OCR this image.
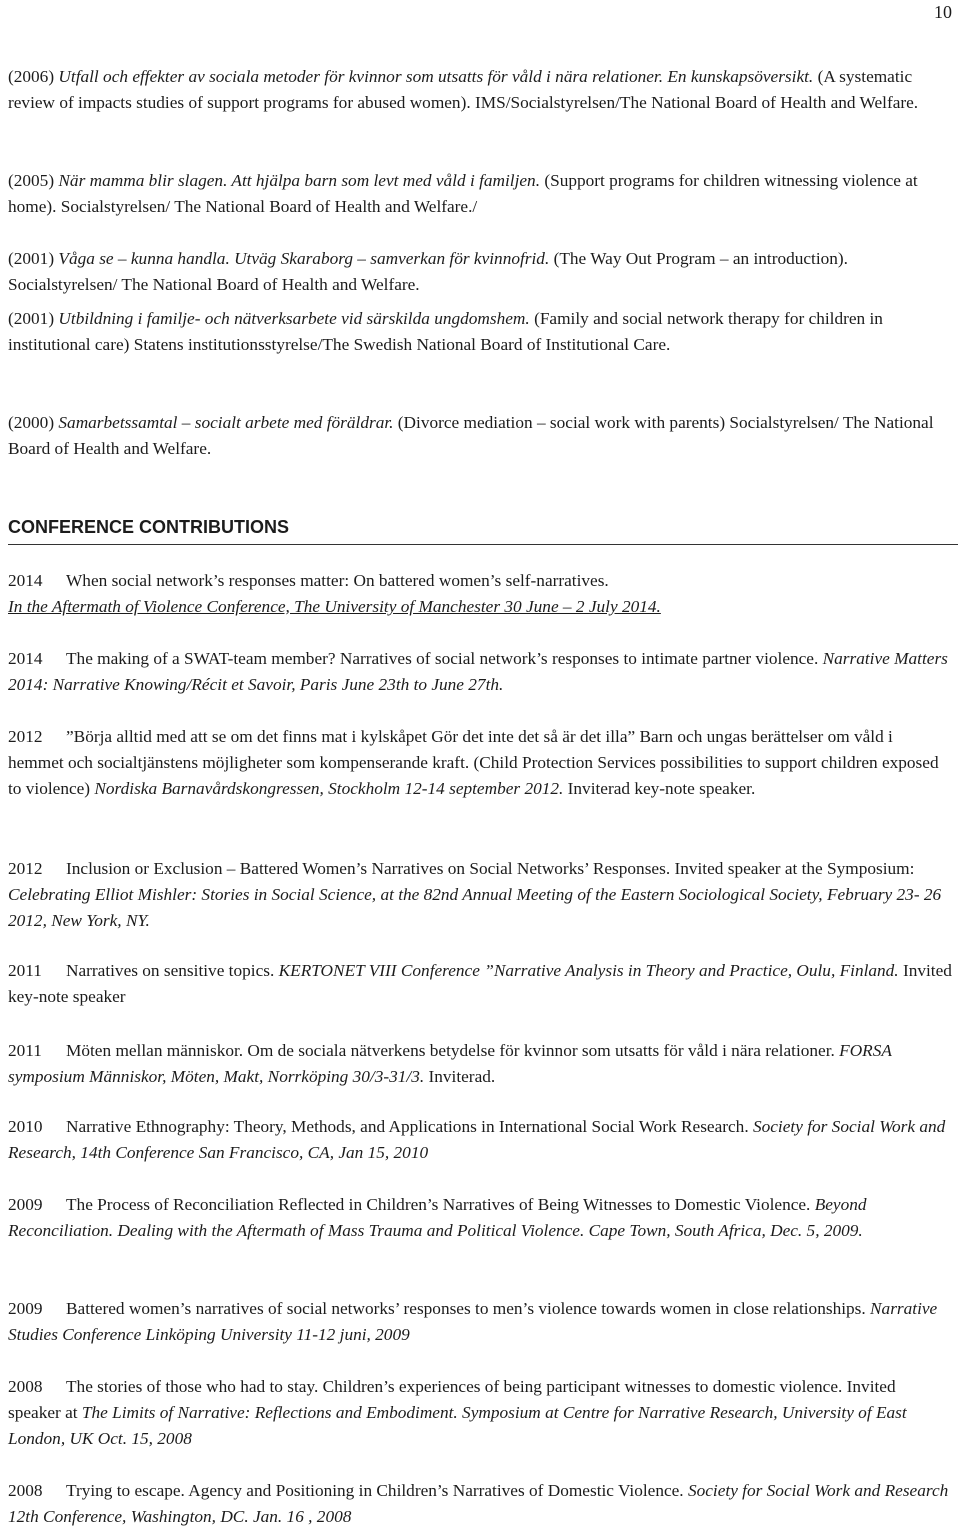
10
(2006) Utfall och effekter av sociala metoder för kvinnor som utsatts för våld i nära relationer. En kunskapsöversikt. (A systematic review of impacts studies of support programs for abused women). IMS/Socialstyrelsen/The National Board of Health and Welfare.
(2005) När mamma blir slagen. Att hjälpa barn som levt med våld i familjen. (Support programs for children witnessing violence at home). Socialstyrelsen/ The National Board of Health and Welfare./
(2001) Våga se – kunna handla. Utväg Skaraborg – samverkan för kvinnofrid. (The Way Out Program – an introduction). Socialstyrelsen/ The National Board of Health and Welfare.
(2001) Utbildning i familje- och nätverksarbete vid särskilda ungdomshem. (Family and social network therapy for children in institutional care) Statens institutionsstyrelse/The Swedish National Board of Institutional Care.
(2000) Samarbetssamtal – socialt arbete med föräldrar. (Divorce mediation – social work with parents) Socialstyrelsen/ The National Board of Health and Welfare.
CONFERENCE CONTRIBUTIONS
2014 When social network’s responses matter: On battered women’s self-narratives.
In the Aftermath of Violence Conference, The University of Manchester 30 June – 2 July 2014.
2014 The making of a SWAT-team member? Narratives of social network’s responses to intimate partner violence. Narrative Matters 2014: Narrative Knowing/Récit et Savoir, Paris June 23th to June 27th.
2012 ”Börja alltid med att se om det finns mat i kylskåpet Gör det inte det så är det illa” Barn och ungas berättelser om våld i hemmet och socialtjänstens möjligheter som kompenserande kraft. (Child Protection Services possibilities to support children exposed to violence) Nordiska Barnavårdskongressen, Stockholm 12-14 september 2012. Inviterad key-note speaker.
2012 Inclusion or Exclusion – Battered Women’s Narratives on Social Networks’ Responses. Invited speaker at the Symposium: Celebrating Elliot Mishler: Stories in Social Science, at the 82nd Annual Meeting of the Eastern Sociological Society, February 23- 26 2012, New York, NY.
2011 Narratives on sensitive topics. KERTONET VIII Conference ”Narrative Analysis in Theory and Practice, Oulu, Finland. Invited key-note speaker
2011 Möten mellan människor. Om de sociala nätverkens betydelse för kvinnor som utsatts för våld i nära relationer. FORSA symposium Människor, Möten, Makt, Norrköping 30/3-31/3. Inviterad.
2010 Narrative Ethnography: Theory, Methods, and Applications in International Social Work Research. Society for Social Work and Research, 14th Conference San Francisco, CA, Jan 15, 2010
2009 The Process of Reconciliation Reflected in Children’s Narratives of Being Witnesses to Domestic Violence. Beyond Reconciliation. Dealing with the Aftermath of Mass Trauma and Political Violence. Cape Town, South Africa, Dec. 5, 2009.
2009 Battered women’s narratives of social networks’ responses to men’s violence towards women in close relationships. Narrative Studies Conference Linköping University 11-12 juni, 2009
2008 The stories of those who had to stay. Children’s experiences of being participant witnesses to domestic violence. Invited speaker at The Limits of Narrative: Reflections and Embodiment. Symposium at Centre for Narrative Research, University of East London, UK Oct. 15, 2008
2008 Trying to escape. Agency and Positioning in Children’s Narratives of Domestic Violence. Society for Social Work and Research 12th Conference, Washington, DC. Jan. 16 , 2008
